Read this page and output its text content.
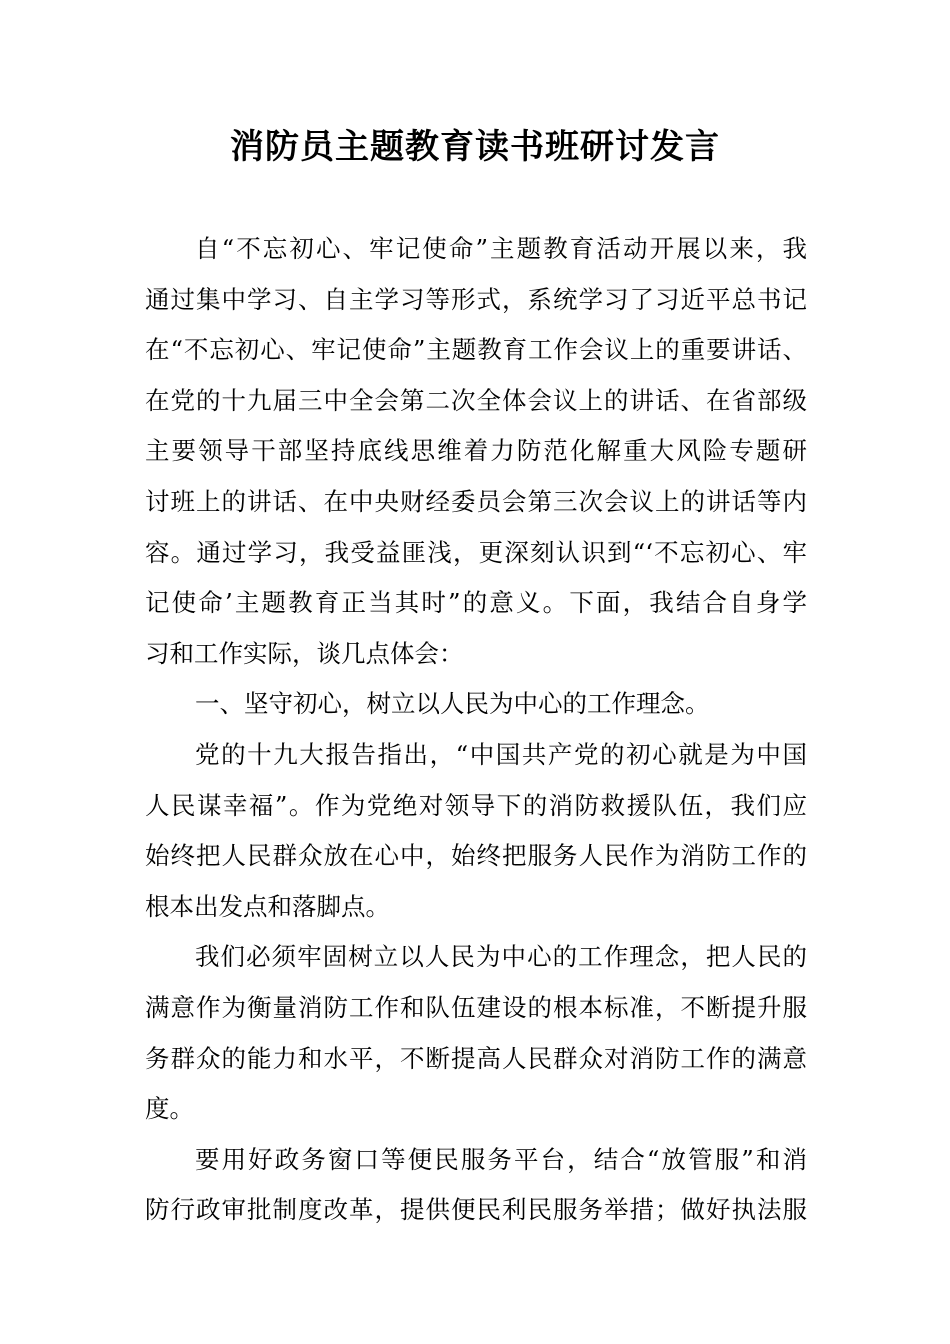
消防员主题教育读书班研讨发言
自“不忘初心、牢记使命”主题教育活动开展以来，我
通过集中学习、自主学习等形式，系统学习了习近平总书记
在“不忘初心、牢记使命”主题教育工作会议上的重要讲话、
在党的十九届三中全会第二次全体会议上的讲话、在省部级
主要领导干部坚持底线思维着力防范化解重大风险专题研
讨班上的讲话、在中央财经委员会第三次会议上的讲话等内
容。通过学习，我受益匪浅，更深刻认识到“‘不忘初心、牢
记使命’主题教育正当其时”的意义。下面，我结合自身学
习和工作实际，谈几点体会：
一、坚守初心，树立以人民为中心的工作理念。
党的十九大报告指出，“中国共产党的初心就是为中国
人民谋幸福”。作为党绝对领导下的消防救援队伍，我们应
始终把人民群众放在心中，始终把服务人民作为消防工作的
根本出发点和落脚点。
我们必须牢固树立以人民为中心的工作理念，把人民的
满意作为衡量消防工作和队伍建设的根本标准，不断提升服
务群众的能力和水平，不断提高人民群众对消防工作的满意
度。
要用好政务窗口等便民服务平台，结合“放管服”和消
防行政审批制度改革，提供便民利民服务举措；做好执法服
